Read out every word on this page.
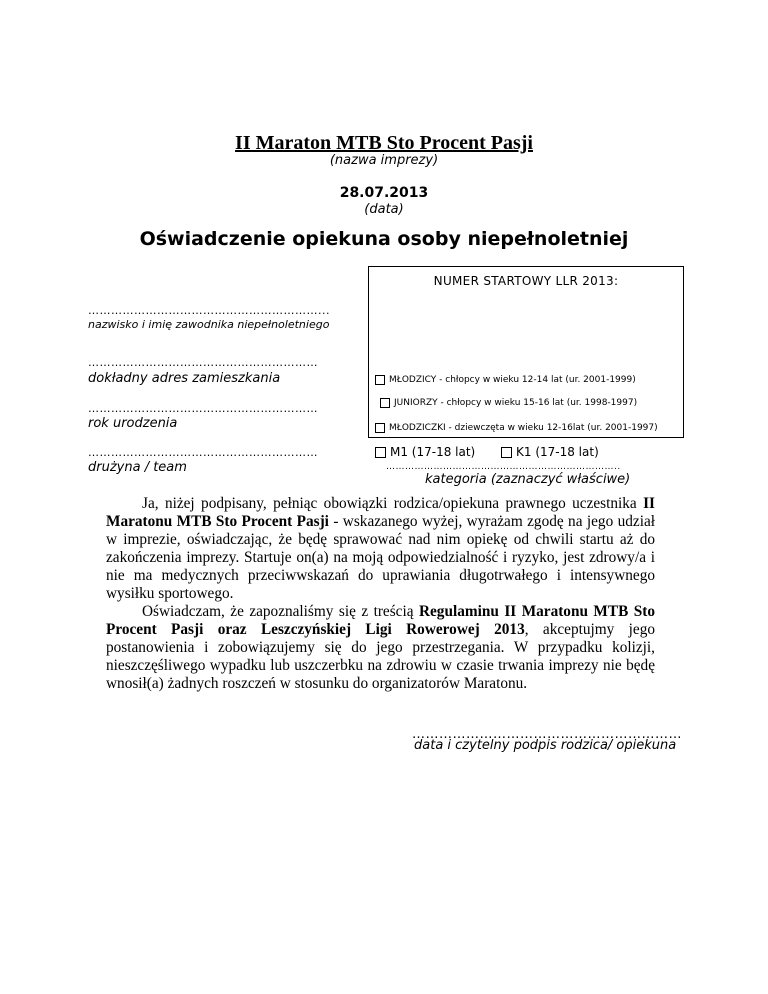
II Maraton MTB Sto Procent Pasji
(nazwa imprezy)
28.07.2013
(data)
Oświadczenie opiekuna osoby niepełnoletniej
NUMER STARTOWY LLR 2013:
……………………………………………………...
nazwisko i imię zawodnika niepełnoletniego
……………………………………………………
dokładny adres zamieszkania
……………………………………………………
rok urodzenia
……………………………………………………
drużyna / team
MŁODZICY - chłopcy w wieku 12-14 lat (ur. 2001-1999)
JUNIORZY - chłopcy w wieku 15-16 lat (ur. 1998-1997)
MŁODZICZKI - dziewczęta w wieku 12-16lat (ur. 2001-1997)
M1 (17-18 lat)	K1 (17-18 lat)
………………………………………………………………..
kategoria (zaznaczyć właściwe)

Ja, niżej podpisany, pełniąc obowiązki rodzica/opiekuna prawnego uczestnika II Maratonu MTB Sto Procent Pasji - wskazanego wyżej, wyrażam zgodę na jego udział w imprezie, oświadczając, że będę sprawować nad nim opiekę od chwili startu aż do zakończenia imprezy. Startuje on(a) na moją odpowiedzialność i ryzyko, jest zdrowy/a i nie ma medycznych przeciwwskazań do uprawiania długotrwałego i intensywnego wysiłku sportowego.

Oświadczam, że zapoznaliśmy się z treścią Regulaminu II Maratonu MTB Sto Procent Pasji oraz Leszczyńskiej Ligi Rowerowej 2013, akceptujmy jego postanowienia i zobowiązujemy się do jego przestrzegania. W przypadku kolizji, nieszczęśliwego wypadku lub uszczerbku na zdrowiu w czasie trwania imprezy nie będę wnosił(a) żadnych roszczeń w stosunku do organizatorów Maratonu.

……………………………………………………
data i czytelny podpis rodzica/ opiekuna
